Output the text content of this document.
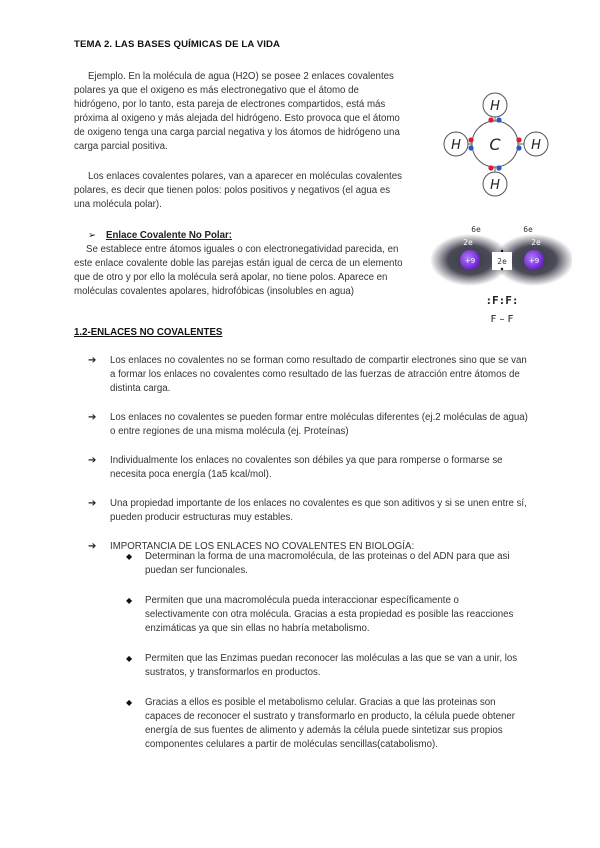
TEMA 2. LAS BASES QUÍMICAS DE LA VIDA
Ejemplo. En la molécula de agua (H2O) se posee 2 enlaces covalentes polares ya que el oxigeno es más electronegativo que el átomo de hidrógeno, por lo tanto, esta pareja de electrones compartidos, está más próxima al oxigeno y más alejada del hidrógeno. Esto provoca que el átomo de oxigeno tenga una carga parcial negativa y los átomos de hidrógeno una carga parcial positiva.
Los enlaces covalentes polares, van a aparecer en moléculas covalentes polares, es decir que tienen polos: polos positivos y negativos (el agua es una molécula polar).
➢ Enlace Covalente No Polar:
Se establece entre átomos iguales o con electronegatividad parecida, en este enlace covalente doble las parejas están igual de cerca de un elemento que de otro y por ello la molécula será apolar, no tiene polos. Aparece en moléculas covalentes apolares, hidrofóbicas (insolubles en agua)
1.2-ENLACES NO COVALENTES
➔ Los enlaces no covalentes no se forman como resultado de compartir electrones sino que se van a formar los enlaces no covalentes como resultado de las fuerzas de atracción entre átomos de distinta carga.
➔ Los enlaces no covalentes se pueden formar entre moléculas diferentes (ej.2 moléculas de agua) o entre regiones de una misma molécula (ej. Proteínas)
➔ Individualmente los enlaces no covalentes son débiles ya que para romperse o formarse se necesita poca energía (1a5 kcal/mol).
➔ Una propiedad importante de los enlaces no covalentes es que son aditivos y si se unen entre sí, pueden producir estructuras muy estables.
➔ IMPORTANCIA DE LOS ENLACES NO COVALENTES EN BIOLOGÍA:
◆ Determinan la forma de una macromolécula, de las proteinas o del ADN para que asi puedan ser funcionales.
◆ Permiten que una macromolécula pueda interaccionar específicamente o selectivamente con otra molécula. Gracias a esta propiedad es posible las reacciones enzimáticas ya que sin ellas no habría metabolismo.
◆ Permiten que las Enzimas puedan reconocer las moléculas a las que se van a unir, los sustratos, y transformarlos en productos.
◆ Gracias a ellos es posible el metabolismo celular. Gracias a que las proteinas son capaces de reconocer el sustrato y transformarlo en producto, la célula puede obtener energía de sus fuentes de alimento y además la célula puede sintetizar sus propios componentes celulares a partir de moléculas sencillas(catabolismo).
C
H
H	H
H
+9	+9
6e	6e
2e	2e
2e
:F:F:
F – F
